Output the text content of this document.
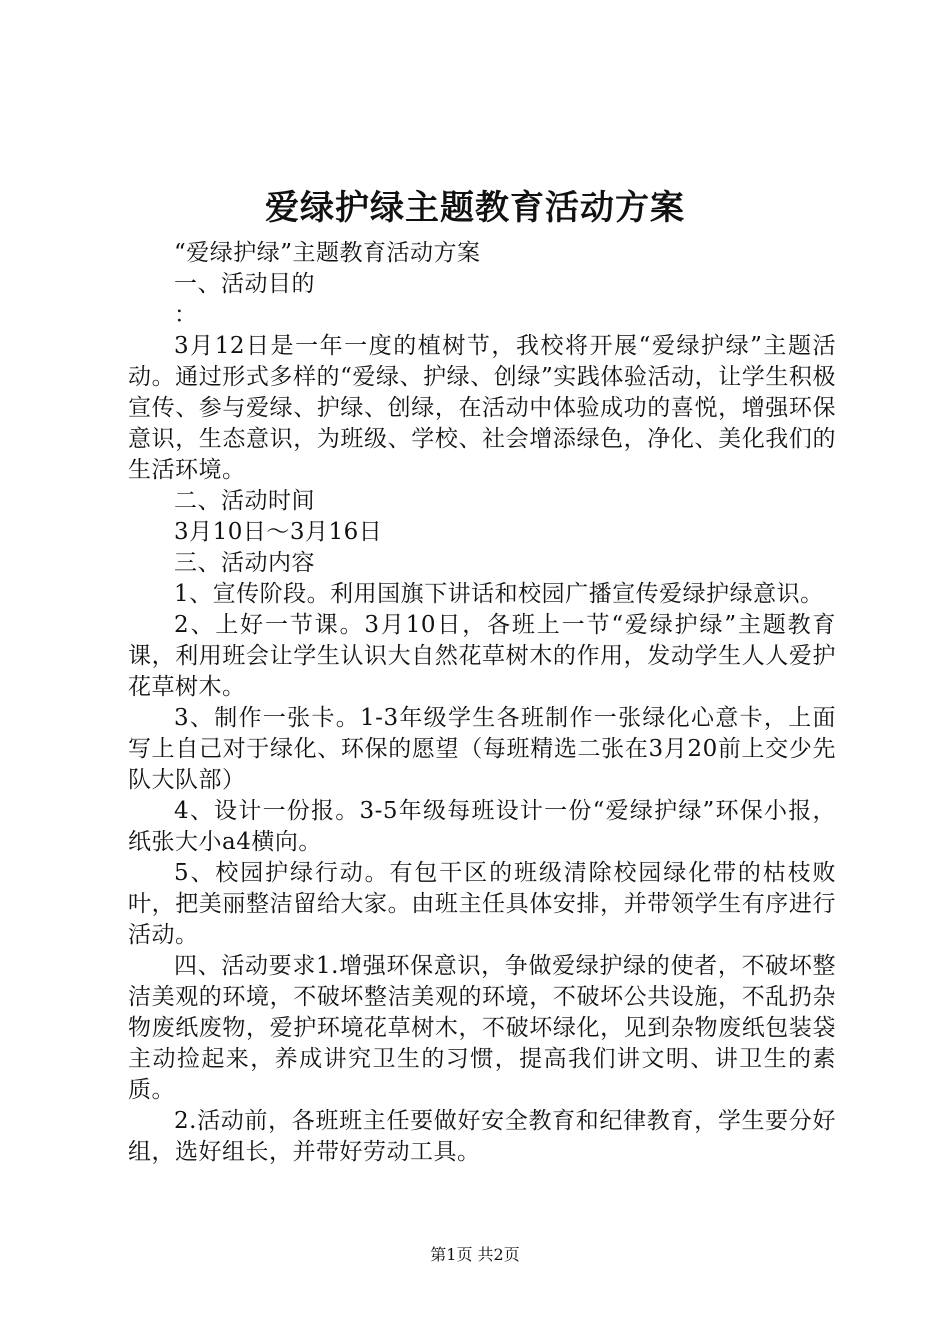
爱绿护绿主题教育活动方案

“爱绿护绿”主题教育活动方案

一、活动目的

：

3月12日是一年一度的植树节，我校将开展“爱绿护绿”主题活动。通过形式多样的“爱绿、护绿、创绿”实践体验活动，让学生积极宣传、参与爱绿、护绿、创绿，在活动中体验成功的喜悦，增强环保意识，生态意识，为班级、学校、社会增添绿色，净化、美化我们的生活环境。

二、活动时间

3月10日～3月16日

三、活动内容

1、宣传阶段。利用国旗下讲话和校园广播宣传爱绿护绿意识。

2、上好一节课。3月10日，各班上一节“爱绿护绿”主题教育课，利用班会让学生认识大自然花草树木的作用，发动学生人人爱护花草树木。

3、制作一张卡。1-3年级学生各班制作一张绿化心意卡，上面写上自己对于绿化、环保的愿望（每班精选二张在3月20前上交少先队大队部）

4、设计一份报。3-5年级每班设计一份“爱绿护绿”环保小报，纸张大小a4横向。

5、校园护绿行动。有包干区的班级清除校园绿化带的枯枝败叶，把美丽整洁留给大家。由班主任具体安排，并带领学生有序进行活动。

四、活动要求1.增强环保意识，争做爱绿护绿的使者，不破坏整洁美观的环境，不破坏整洁美观的环境，不破坏公共设施，不乱扔杂物废纸废物，爱护环境花草树木，不破坏绿化，见到杂物废纸包装袋主动捡起来，养成讲究卫生的习惯，提高我们讲文明、讲卫生的素质。

2.活动前，各班班主任要做好安全教育和纪律教育，学生要分好组，选好组长，并带好劳动工具。

第1页 共2页
